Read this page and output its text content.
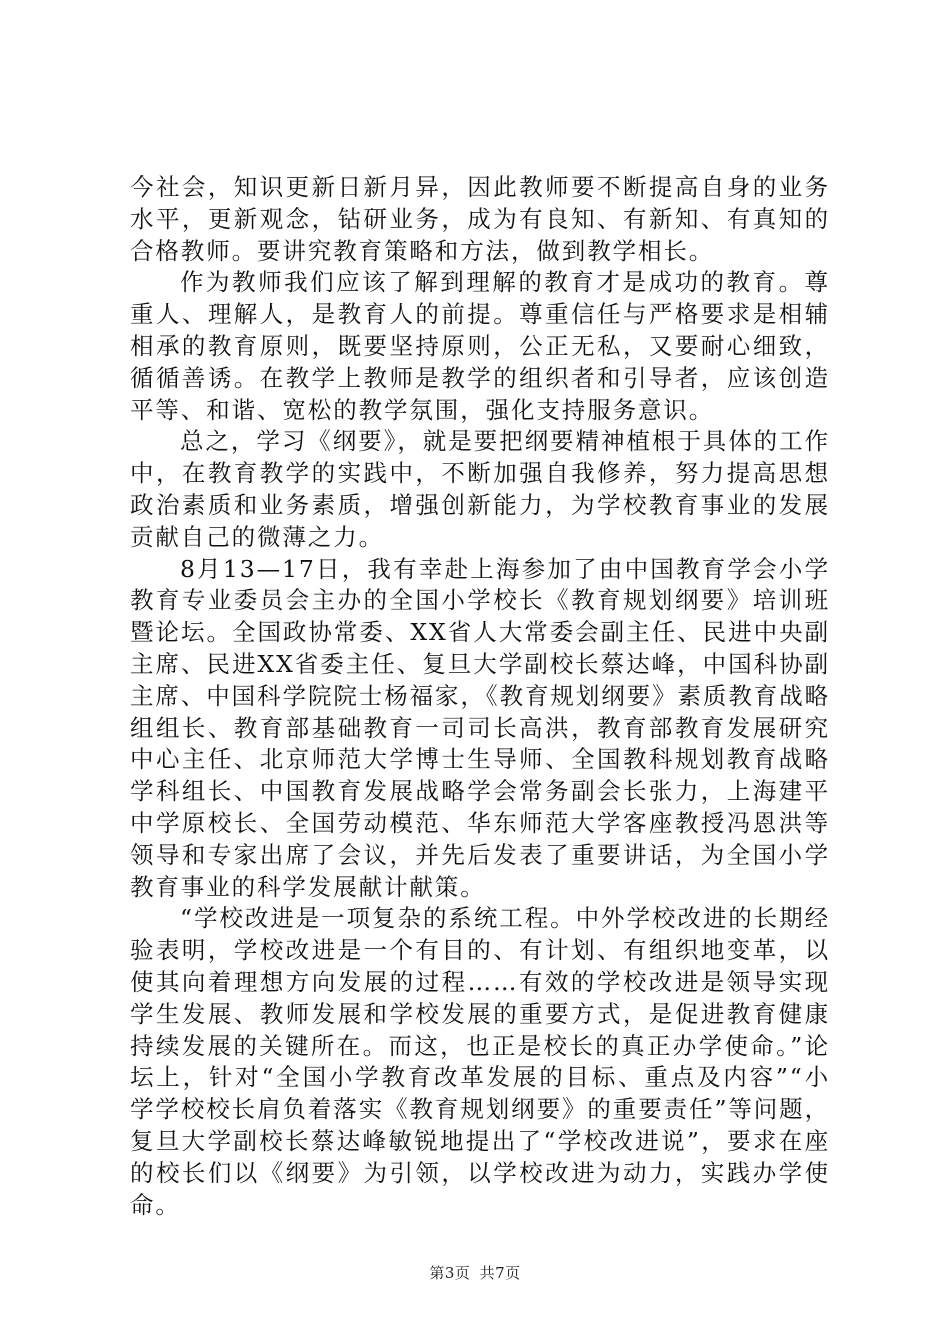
今社会，知识更新日新月异，因此教师要不断提高自身的业务水平，更新观念，钻研业务，成为有良知、有新知、有真知的合格教师。要讲究教育策略和方法，做到教学相长。

作为教师我们应该了解到理解的教育才是成功的教育。尊重人、理解人，是教育人的前提。尊重信任与严格要求是相辅相承的教育原则，既要坚持原则，公正无私，又要耐心细致，循循善诱。在教学上教师是教学的组织者和引导者，应该创造平等、和谐、宽松的教学氛围，强化支持服务意识。

总之，学习《纲要》，就是要把纲要精神植根于具体的工作中，在教育教学的实践中，不断加强自我修养，努力提高思想政治素质和业务素质，增强创新能力，为学校教育事业的发展贡献自己的微薄之力。

8月13—17日，我有幸赴上海参加了由中国教育学会小学教育专业委员会主办的全国小学校长《教育规划纲要》培训班暨论坛。全国政协常委、XX省人大常委会副主任、民进中央副主席、民进XX省委主任、复旦大学副校长蔡达峰，中国科协副主席、中国科学院院士杨福家，《教育规划纲要》素质教育战略组组长、教育部基础教育一司司长高洪，教育部教育发展研究中心主任、北京师范大学博士生导师、全国教科规划教育战略学科组长、中国教育发展战略学会常务副会长张力，上海建平中学原校长、全国劳动模范、华东师范大学客座教授冯恩洪等领导和专家出席了会议，并先后发表了重要讲话，为全国小学教育事业的科学发展献计献策。

“学校改进是一项复杂的系统工程。中外学校改进的长期经验表明，学校改进是一个有目的、有计划、有组织地变革，以使其向着理想方向发展的过程……有效的学校改进是领导实现学生发展、教师发展和学校发展的重要方式，是促进教育健康持续发展的关键所在。而这，也正是校长的真正办学使命。”论坛上，针对“全国小学教育改革发展的目标、重点及内容”“小学学校校长肩负着落实《教育规划纲要》的重要责任”等问题，复旦大学副校长蔡达峰敏锐地提出了“学校改进说”，要求在座的校长们以《纲要》为引领，以学校改进为动力，实践办学使命。

第3页 共7页
